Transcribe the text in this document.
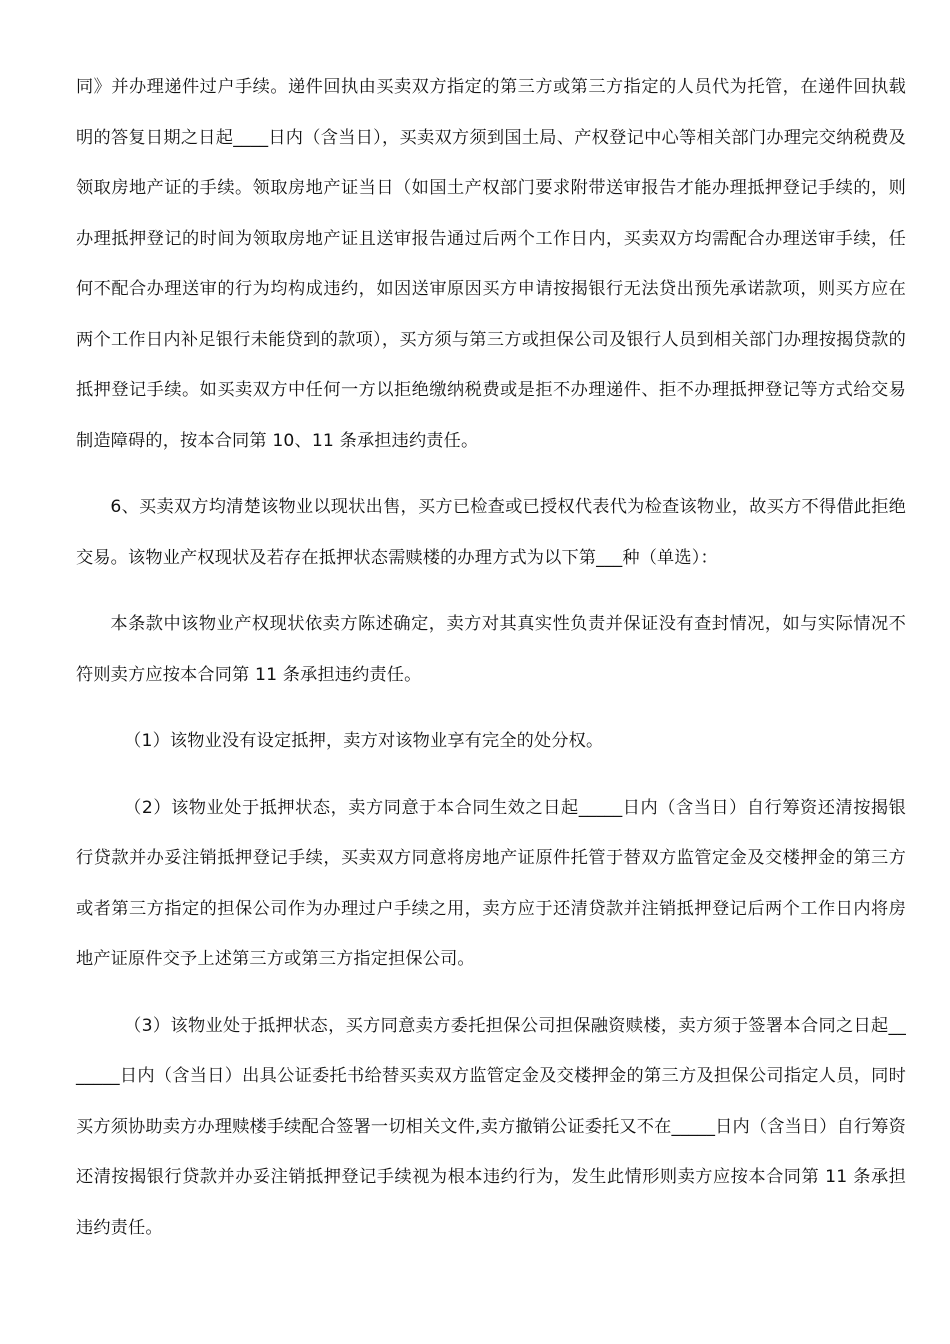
同》并办理递件过户手续。递件回执由买卖双方指定的第三方或第三方指定的人员代为托管，在递件回执载明的答复日期之日起____日内（含当日），买卖双方须到国土局、产权登记中心等相关部门办理完交纳税费及领取房地产证的手续。领取房地产证当日（如国土产权部门要求附带送审报告才能办理抵押登记手续的，则办理抵押登记的时间为领取房地产证且送审报告通过后两个工作日内，买卖双方均需配合办理送审手续，任何不配合办理送审的行为均构成违约，如因送审原因买方申请按揭银行无法贷出预先承诺款项，则买方应在两个工作日内补足银行未能贷到的款项），买方须与第三方或担保公司及银行人员到相关部门办理按揭贷款的抵押登记手续。如买卖双方中任何一方以拒绝缴纳税费或是拒不办理递件、拒不办理抵押登记等方式给交易制造障碍的，按本合同第 10、11 条承担违约责任。

6、买卖双方均清楚该物业以现状出售，买方已检查或已授权代表代为检查该物业，故买方不得借此拒绝交易。该物业产权现状及若存在抵押状态需赎楼的办理方式为以下第___种（单选）：

本条款中该物业产权现状依卖方陈述确定，卖方对其真实性负责并保证没有查封情况，如与实际情况不符则卖方应按本合同第 11 条承担违约责任。

（1）该物业没有设定抵押，卖方对该物业享有完全的处分权。

（2）该物业处于抵押状态，卖方同意于本合同生效之日起_____日内（含当日）自行筹资还清按揭银行贷款并办妥注销抵押登记手续，买卖双方同意将房地产证原件托管于替双方监管定金及交楼押金的第三方或者第三方指定的担保公司作为办理过户手续之用，卖方应于还清贷款并注销抵押登记后两个工作日内将房地产证原件交予上述第三方或第三方指定担保公司。

（3）该物业处于抵押状态，买方同意卖方委托担保公司担保融资赎楼，卖方须于签署本合同之日起_______日内（含当日）出具公证委托书给替买卖双方监管定金及交楼押金的第三方及担保公司指定人员，同时买方须协助卖方办理赎楼手续配合签署一切相关文件,卖方撤销公证委托又不在_____日内（含当日）自行筹资还清按揭银行贷款并办妥注销抵押登记手续视为根本违约行为，发生此情形则卖方应按本合同第 11 条承担违约责任。
